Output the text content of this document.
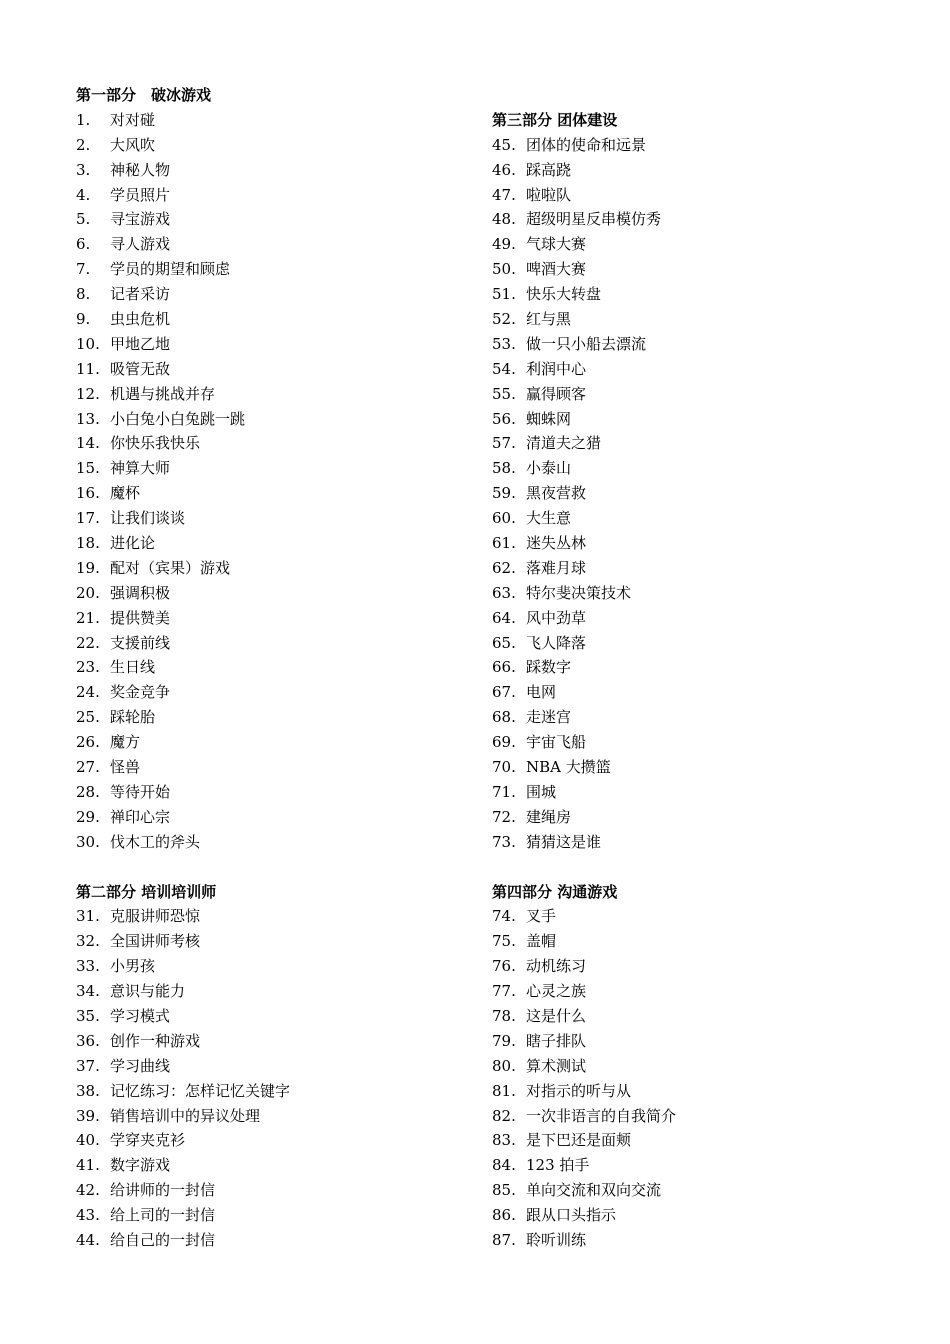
第一部分　破冰游戏
1.	对对碰
2.	大风吹
3.	神秘人物
4.	学员照片
5.	寻宝游戏
6.	寻人游戏
7.	学员的期望和顾虑
8.	记者采访
9.	虫虫危机
10. 甲地乙地
11. 吸管无敌
12. 机遇与挑战并存
13. 小白兔小白兔跳一跳
14. 你快乐我快乐
15. 神算大师
16. 魔杯
17. 让我们谈谈
18. 进化论
19. 配对（宾果）游戏
20. 强调积极
21. 提供赞美
22. 支援前线
23. 生日线
24. 奖金竞争
25. 踩轮胎
26. 魔方
27. 怪兽
28. 等待开始
29. 禅印心宗
30. 伐木工的斧头
第二部分 培训培训师
31. 克服讲师恐惊
32. 全国讲师考核
33. 小男孩
34. 意识与能力
35. 学习模式
36. 创作一种游戏
37. 学习曲线
38. 记忆练习：怎样记忆关键字
39. 销售培训中的异议处理
40. 学穿夹克衫
41. 数字游戏
42. 给讲师的一封信
43. 给上司的一封信
44. 给自己的一封信
第三部分 团体建设
45. 团体的使命和远景
46. 踩高跷
47. 啦啦队
48. 超级明星反串模仿秀
49. 气球大赛
50. 啤酒大赛
51. 快乐大转盘
52. 红与黑
53. 做一只小船去漂流
54. 利润中心
55. 赢得顾客
56. 蜘蛛网
57. 清道夫之猎
58. 小泰山
59. 黑夜营救
60. 大生意
61. 迷失丛林
62. 落难月球
63. 特尔斐决策技术
64. 风中劲草
65. 飞人降落
66. 踩数字
67. 电网
68. 走迷宫
69. 宇宙飞船
70. NBA 大攒篮
71. 围城
72. 建绳房
73. 猜猜这是谁
第四部分 沟通游戏
74. 叉手
75. 盖帽
76. 动机练习
77. 心灵之族
78. 这是什么
79. 瞎子排队
80. 算术测试
81. 对指示的听与从
82. 一次非语言的自我简介
83. 是下巴还是面颊
84. 123 拍手
85. 单向交流和双向交流
86. 跟从口头指示
87. 聆听训练
